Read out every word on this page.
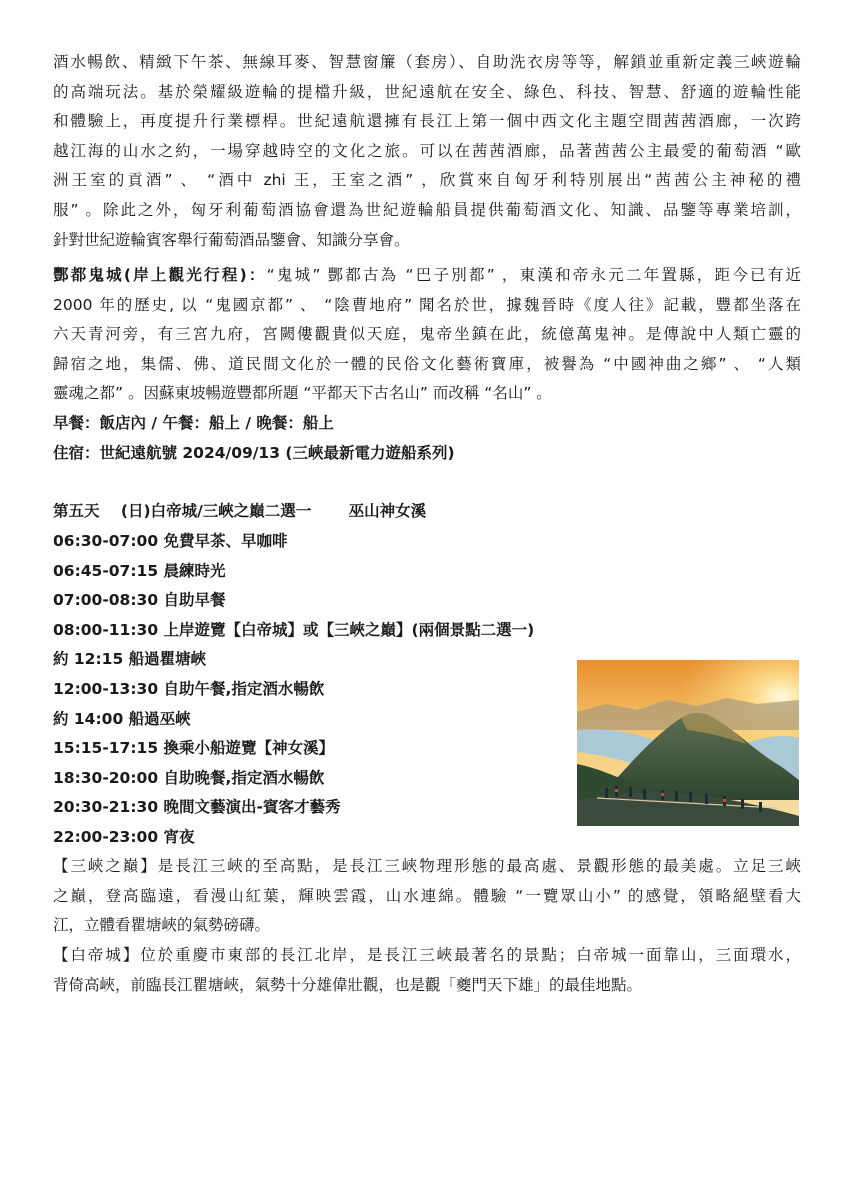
酒水暢飲、精緻下午茶、無線耳麥、智慧窗簾（套房）、自助洗衣房等等，解鎖並重新定義三峽遊輪
的高端玩法。基於榮耀級遊輪的提檔升級，世紀遠航在安全、綠色、科技、智慧、舒適的遊輪性能
和體驗上，再度提升行業標桿。世紀遠航還擁有長江上第一個中西文化主題空間茜茜酒廊，一次跨
越江海的山水之約，一場穿越時空的文化之旅。可以在茜茜酒廊，品著茜茜公主最愛的葡萄酒 “歐
洲王室的貢酒” 、 “酒中 zhi 王，王室之酒” ，欣賞來自匈牙利特別展出“茜茜公主神秘的禮
服” 。除此之外，匈牙利葡萄酒協會還為世紀遊輪船員提供葡萄酒文化、知識、品鑒等專業培訓，
針對世紀遊輪賓客舉行葡萄酒品鑒會、知識分享會。
酆都鬼城(岸上觀光行程)：“鬼城” 酆都古為 “巴子別都” ，東漢和帝永元二年置縣，距今已有近
2000 年的歷史, 以 “鬼國京都” 、 “陰曹地府” 聞名於世，據魏晉時《度人往》記載，豐都坐落在
六天青河旁，有三宮九府，宮闕僂觀貴似天庭，鬼帝坐鎮在此，統億萬鬼神。是傳說中人類亡靈的
歸宿之地，集儒、佛、道民間文化於一體的民俗文化藝術寶庫，被譽為 “中國神曲之鄉” 、 “人類
靈魂之都” 。因蘇東坡暢遊豐都所題 “平都天下古名山” 而改稱 “名山” 。
早餐：飯店內 / 午餐：船上 / 晚餐：船上
住宿：世紀遠航號 2024/09/13 (三峽最新電力遊船系列)
第五天 (日)白帝城/三峽之巔二選一 巫山神女溪
06:30-07:00 免費早茶、早咖啡
06:45-07:15 晨練時光
07:00-08:30 自助早餐
08:00-11:30 上岸遊覽【白帝城】或【三峽之巔】(兩個景點二選一)
約 12:15 船過瞿塘峽
12:00-13:30 自助午餐,指定酒水暢飲
約 14:00 船過巫峽
15:15-17:15 換乘小船遊覽【神女溪】
18:30-20:00 自助晚餐,指定酒水暢飲
20:30-21:30 晚間文藝演出-賓客才藝秀
22:00-23:00 宵夜
【三峽之巔】是長江三峽的至高點，是長江三峽物理形態的最高處、景觀形態的最美處。立足三峽
之巔，登高臨遠，看漫山紅葉，輝映雲霞，山水連綿。體驗 “一覽眾山小” 的感覺，領略絕壁看大
江，立體看瞿塘峽的氣勢磅礴。
【白帝城】位於重慶市東部的長江北岸，是長江三峽最著名的景點；白帝城一面靠山，三面環水，
背倚高峽，前臨長江瞿塘峽，氣勢十分雄偉壯觀，也是觀「夔門天下雄」的最佳地點。
